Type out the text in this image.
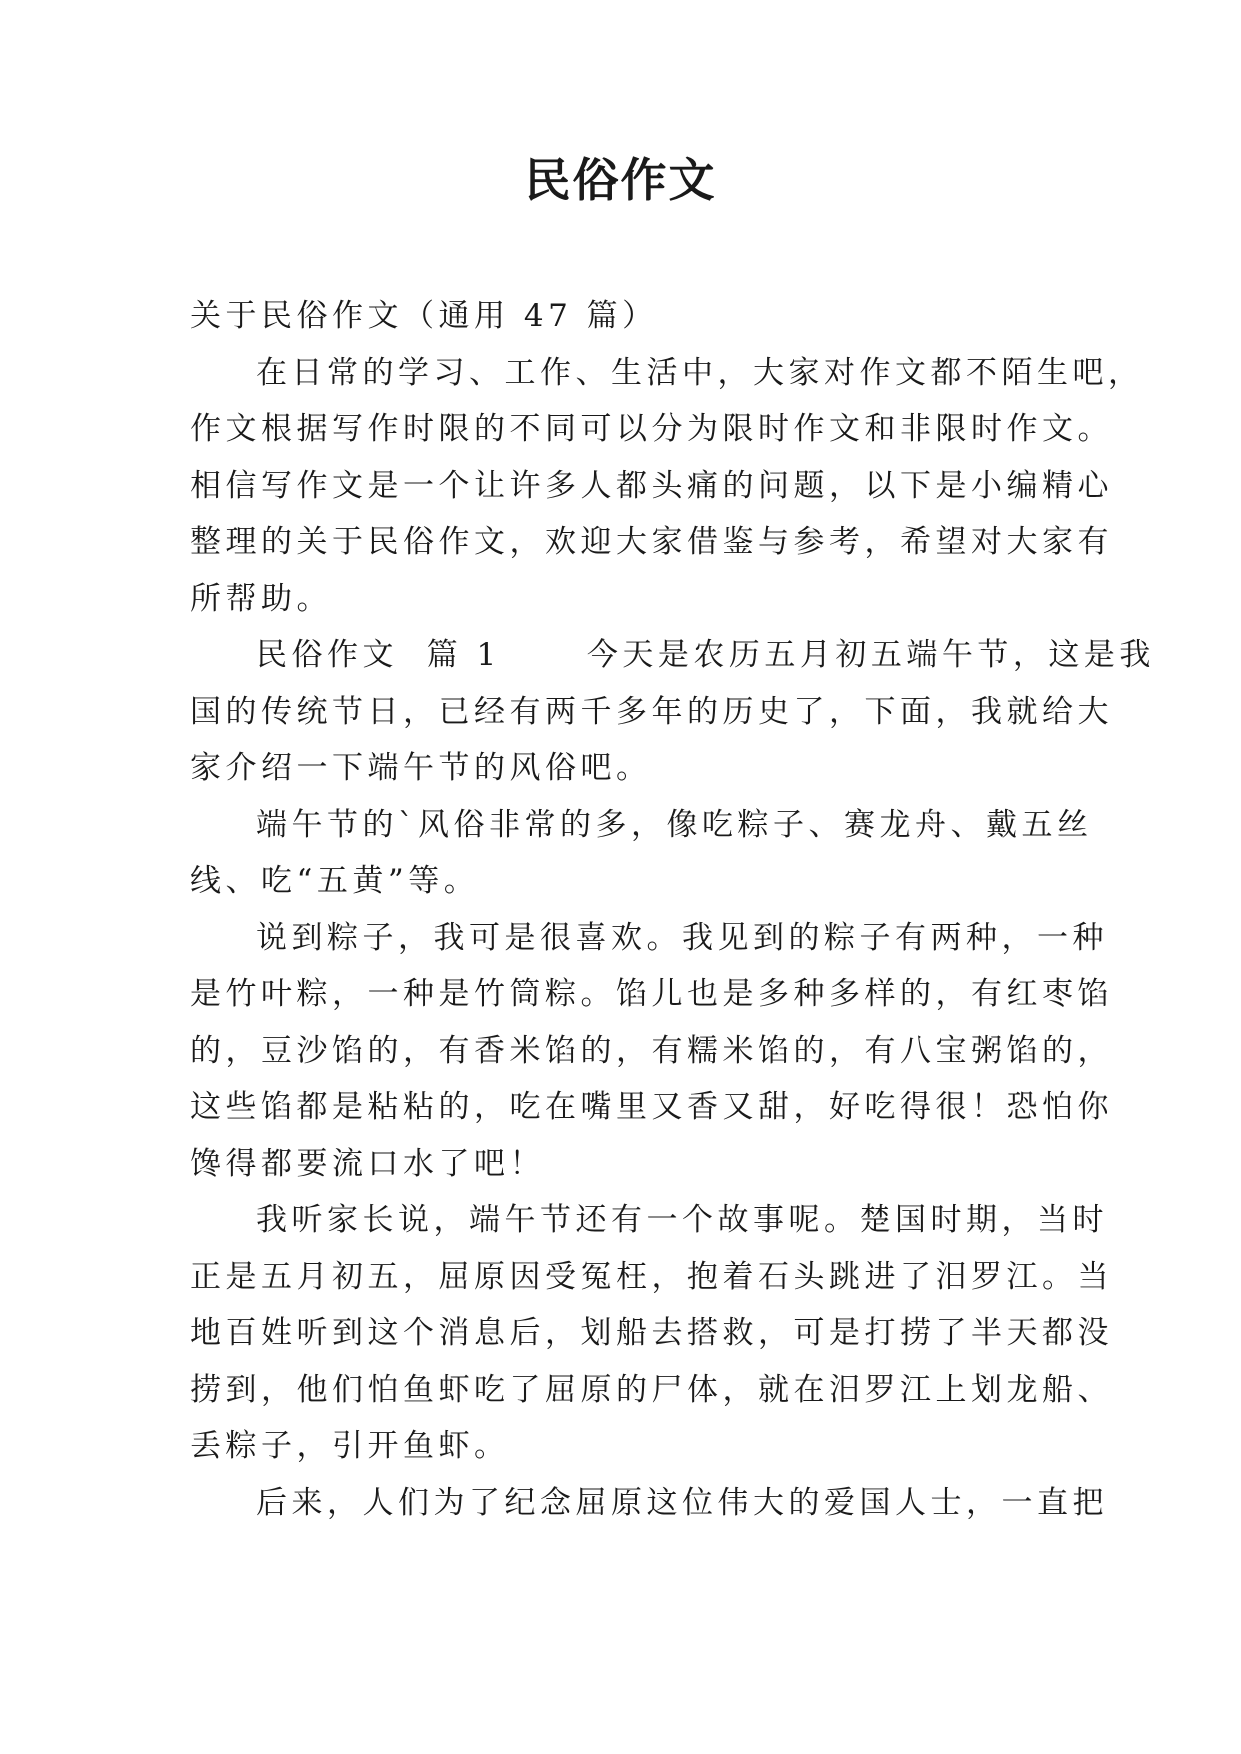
民俗作文

关于民俗作文（通用 47 篇）

在日常的学习、工作、生活中，大家对作文都不陌生吧，

作文根据写作时限的不同可以分为限时作文和非限时作文。

相信写作文是一个让许多人都头痛的问题，以下是小编精心

整理的关于民俗作文，欢迎大家借鉴与参考，希望对大家有

所帮助。

民俗作文  篇 1      今天是农历五月初五端午节，这是我

国的传统节日，已经有两千多年的历史了，下面，我就给大

家介绍一下端午节的风俗吧。

端午节的`风俗非常的多，像吃粽子、赛龙舟、戴五丝

线、吃“五黄”等。

说到粽子，我可是很喜欢。我见到的粽子有两种，一种

是竹叶粽，一种是竹筒粽。馅儿也是多种多样的，有红枣馅

的，豆沙馅的，有香米馅的，有糯米馅的，有八宝粥馅的，

这些馅都是粘粘的，吃在嘴里又香又甜，好吃得很！恐怕你

馋得都要流口水了吧！

我听家长说，端午节还有一个故事呢。楚国时期，当时

正是五月初五，屈原因受冤枉，抱着石头跳进了汨罗江。当

地百姓听到这个消息后，划船去搭救，可是打捞了半天都没

捞到，他们怕鱼虾吃了屈原的尸体，就在汨罗江上划龙船、

丢粽子，引开鱼虾。

后来，人们为了纪念屈原这位伟大的爱国人士，一直把
